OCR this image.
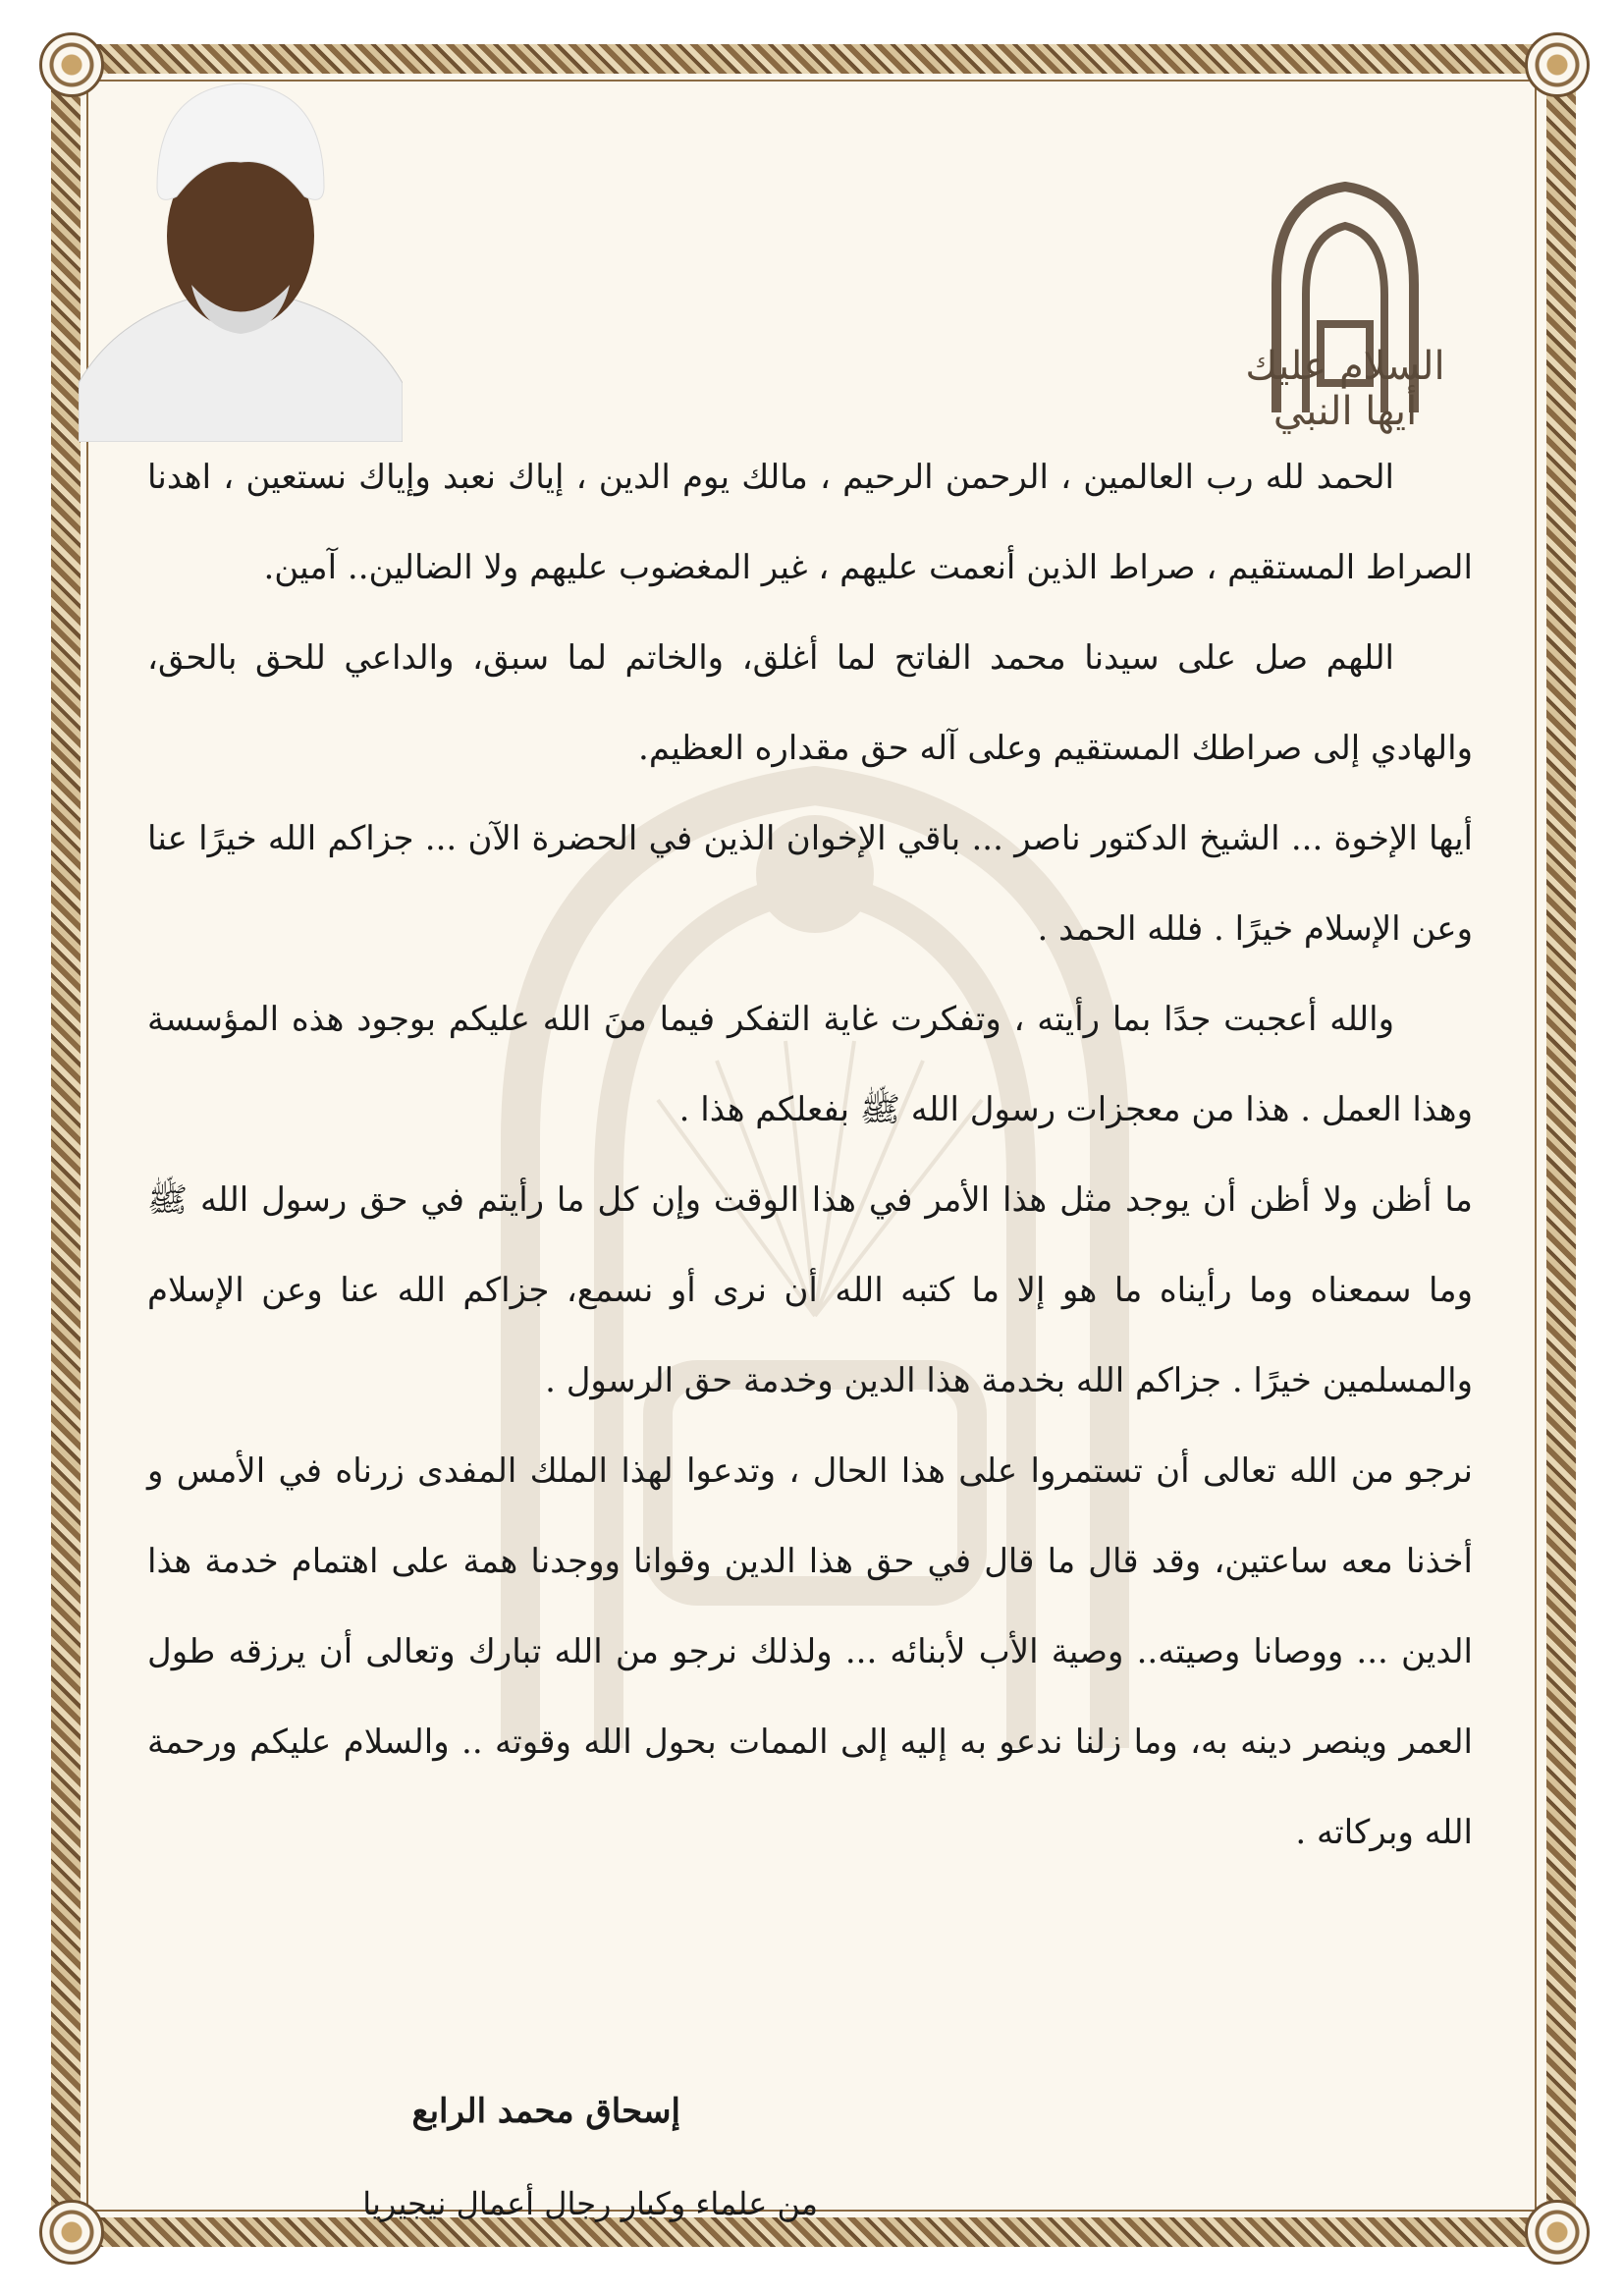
السلام عليك أيها النبي

الحمد لله رب العالمين ، الرحمن الرحيم ، مالك يوم الدين ، إياك نعبد وإياك نستعين ، اهدنا الصراط المستقيم ، صراط الذين أنعمت عليهم ، غير المغضوب عليهم ولا الضالين.. آمين.

اللهم صل على سيدنا محمد الفاتح لما أغلق، والخاتم لما سبق، والداعي للحق بالحق، والهادي إلى صراطك المستقيم وعلى آله حق مقداره العظيم.

أيها الإخوة ... الشيخ الدكتور ناصر ... باقي الإخوان الذين في الحضرة الآن ... جزاكم الله خيرًا عنا وعن الإسلام خيرًا . فلله الحمد .

والله أعجبت جدًا بما رأيته ، وتفكرت غاية التفكر فيما منَ الله عليكم بوجود هذه المؤسسة وهذا العمل . هذا من معجزات رسول الله ﷺ بفعلكم هذا .

ما أظن ولا أظن أن يوجد مثل هذا الأمر في هذا الوقت وإن كل ما رأيتم في حق رسول الله ﷺ وما سمعناه وما رأيناه ما هو إلا ما كتبه الله أن نرى أو نسمع، جزاكم الله عنا وعن الإسلام والمسلمين خيرًا . جزاكم الله بخدمة هذا الدين وخدمة حق الرسول .

نرجو من الله تعالى أن تستمروا على هذا الحال ، وتدعوا لهذا الملك المفدى زرناه في الأمس و أخذنا معه ساعتين، وقد قال ما قال في حق هذا الدين وقوانا ووجدنا همة على اهتمام خدمة هذا الدين ... ووصانا وصيته.. وصية الأب لأبنائه ... ولذلك نرجو من الله تبارك وتعالى أن يرزقه طول العمر وينصر دينه به، وما زلنا ندعو به إليه إلى الممات بحول الله وقوته .. والسلام عليكم ورحمة الله وبركاته .

إسحاق محمد الرابع
من علماء وكبار رجال أعمال نيجيريا
